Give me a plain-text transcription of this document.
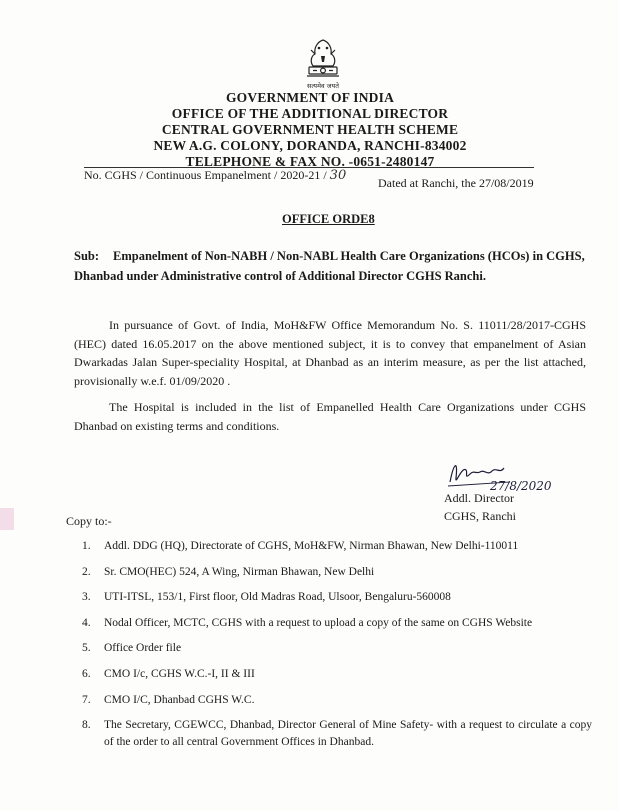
सत्यमेव जयते
GOVERNMENT OF INDIA
OFFICE OF THE ADDITIONAL DIRECTOR
CENTRAL GOVERNMENT HEALTH SCHEME
NEW A.G. COLONY, DORANDA, RANCHI-834002
TELEPHONE & FAX NO. -0651-2480147
No. CGHS / Continuous Empanelment / 2020-21 / 30	Dated at Ranchi, the 27/08/2019
OFFICE ORDE8
Sub: Empanelment of Non-NABH / Non-NABL Health Care Organizations (HCOs) in CGHS, Dhanbad under Administrative control of Additional Director CGHS Ranchi.
In pursuance of Govt. of India, MoH&FW Office Memorandum No. S. 11011/28/2017-CGHS (HEC) dated 16.05.2017 on the above mentioned subject, it is to convey that empanelment of Asian Dwarkadas Jalan Super-speciality Hospital, at Dhanbad as an interim measure, as per the list attached, provisionally w.e.f. 01/09/2020 .
The Hospital is included in the list of Empanelled Health Care Organizations under CGHS Dhanbad on existing terms and conditions.
27/8/2020
Addl. Director
CGHS, Ranchi
Copy to:-
1. Addl. DDG (HQ), Directorate of CGHS, MoH&FW, Nirman Bhawan, New Delhi-110011
2. Sr. CMO(HEC) 524, A Wing, Nirman Bhawan, New Delhi
3. UTI-ITSL, 153/1, First floor, Old Madras Road, Ulsoor, Bengaluru-560008
4. Nodal Officer, MCTC, CGHS with a request to upload a copy of the same on CGHS Website
5. Office Order file
6. CMO I/c, CGHS W.C.-I, II & III
7. CMO I/C, Dhanbad CGHS W.C.
8. The Secretary, CGEWCC, Dhanbad, Director General of Mine Safety- with a request to circulate a copy of the order to all central Government Offices in Dhanbad.
